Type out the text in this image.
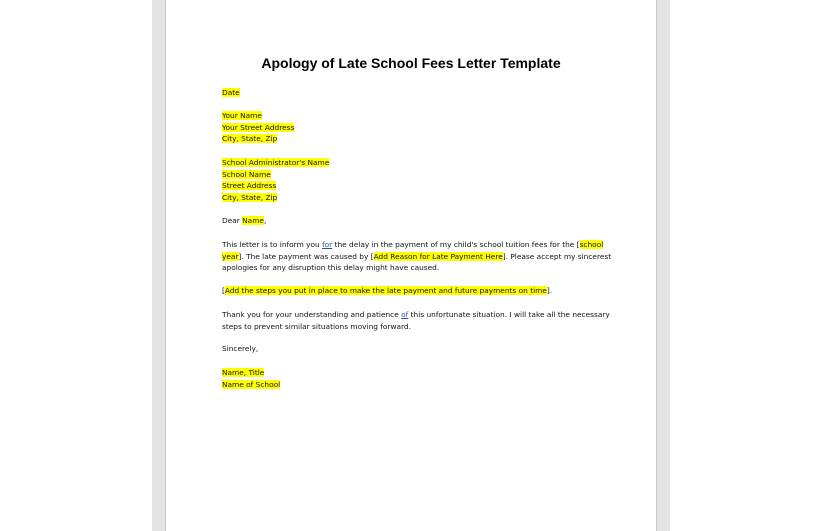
Apology of Late School Fees Letter Template
Date
Your Name
Your Street Address
City, State, Zip
School Administrator's Name
School Name
Street Address
City, State, Zip
Dear Name,
This letter is to inform you for the delay in the payment of my child's school tuition fees for the [school
year]. The late payment was caused by [Add Reason for Late Payment Here]. Please accept my sincerest
apologies for any disruption this delay might have caused.
[Add the steps you put in place to make the late payment and future payments on time].
Thank you for your understanding and patience of this unfortunate situation. I will take all the necessary
steps to prevent similar situations moving forward.
Sincerely,
Name, Title
Name of School
